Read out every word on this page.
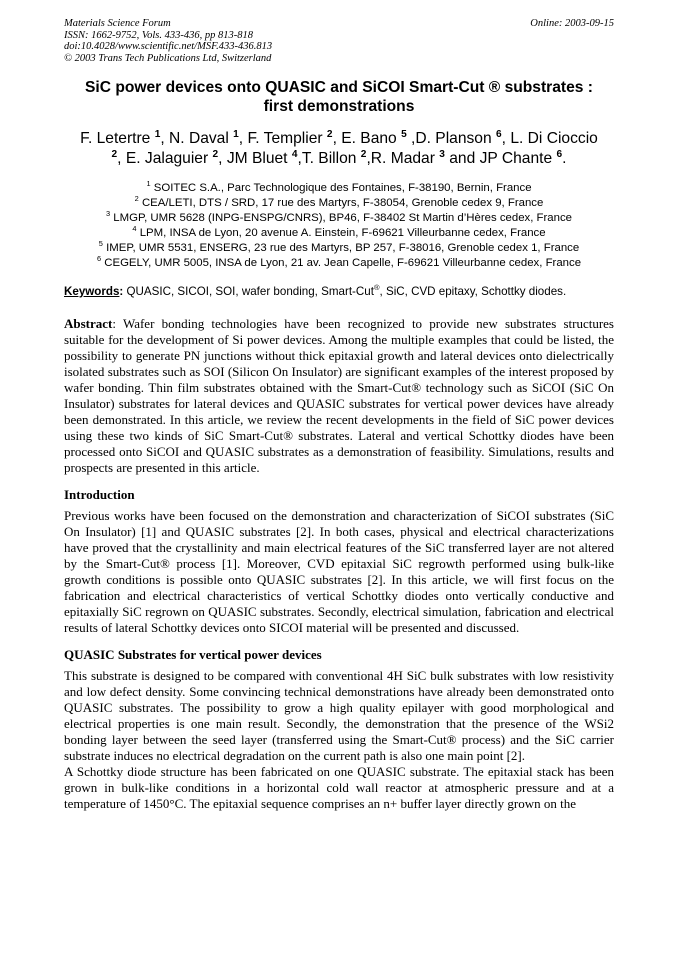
Materials Science Forum
ISSN: 1662-9752, Vols. 433-436, pp 813-818
doi:10.4028/www.scientific.net/MSF.433-436.813
© 2003 Trans Tech Publications Ltd, Switzerland
Online: 2003-09-15
SiC power devices onto QUASIC and SiCOI Smart-Cut ® substrates :
first demonstrations
F. Letertre $^1$, N. Daval $^1$, F. Templier $^2$, E. Bano $^5$ ,D. Planson $^6$, L. Di Cioccio
$^2$, E. Jalaguier $^2$, JM Bluet $^4$,T. Billon $^2$,R. Madar $^3$ and JP Chante $^6$.
$^1$ SOITEC S.A., Parc Technologique des Fontaines, F-38190, Bernin, France
$^2$ CEA/LETI, DTS / SRD, 17 rue des Martyrs, F-38054, Grenoble cedex 9, France
$^3$ LMGP, UMR 5628 (INPG-ENSPG/CNRS), BP46, F-38402 St Martin d’Hères cedex, France
$^4$ LPM, INSA de Lyon, 20 avenue A. Einstein, F-69621 Villeurbanne cedex, France
$^5$ IMEP, UMR 5531, ENSERG, 23 rue des Martyrs, BP 257, F-38016, Grenoble cedex 1, France
$^6$ CEGELY, UMR 5005, INSA de Lyon, 21 av. Jean Capelle, F-69621 Villeurbanne cedex, France
Keywords: QUASIC, SICOI, SOI, wafer bonding, Smart-Cut®, SiC, CVD epitaxy, Schottky diodes.

Abstract: Wafer bonding technologies have been recognized to provide new substrates structures suitable for the development of Si power devices. Among the multiple examples that could be listed, the possibility to generate PN junctions without thick epitaxial growth and lateral devices onto dielectrically isolated substrates such as SOI (Silicon On Insulator) are significant examples of the interest proposed by wafer bonding. Thin film substrates obtained with the Smart-Cut® technology such as SiCOI (SiC On Insulator) substrates for lateral devices and QUASIC substrates for vertical power devices have already been demonstrated. In this article, we review the recent developments in the field of SiC power devices using these two kinds of SiC Smart-Cut® substrates. Lateral and vertical Schottky diodes have been processed onto SiCOI and QUASIC substrates as a demonstration of feasibility. Simulations, results and prospects are presented in this article.

Introduction

Previous works have been focused on the demonstration and characterization of SiCOI substrates (SiC On Insulator) [1] and QUASIC substrates [2]. In both cases, physical and electrical characterizations have proved that the crystallinity and main electrical features of the SiC transferred layer are not altered by the Smart-Cut® process [1]. Moreover, CVD epitaxial SiC regrowth performed using bulk-like growth conditions is possible onto QUASIC substrates [2]. In this article, we will first focus on the fabrication and electrical characteristics of vertical Schottky diodes onto vertically conductive and epitaxially SiC regrown on QUASIC substrates. Secondly, electrical simulation, fabrication and electrical results of lateral Schottky devices onto SICOI material will be presented and discussed.

QUASIC Substrates for vertical power devices

This substrate is designed to be compared with conventional 4H SiC bulk substrates with low resistivity and low defect density. Some convincing technical demonstrations have already been demonstrated onto QUASIC substrates. The possibility to grow a high quality epilayer with good morphological and electrical properties is one main result. Secondly, the demonstration that the presence of the WSi2 bonding layer between the seed layer (transferred using the Smart-Cut® process) and the SiC carrier substrate induces no electrical degradation on the current path is also one main point [2].

A Schottky diode structure has been fabricated on one QUASIC substrate. The epitaxial stack has been grown in bulk-like conditions in a horizontal cold wall reactor at atmospheric pressure and at a temperature of 1450°C. The epitaxial sequence comprises an n+ buffer layer directly grown on the
